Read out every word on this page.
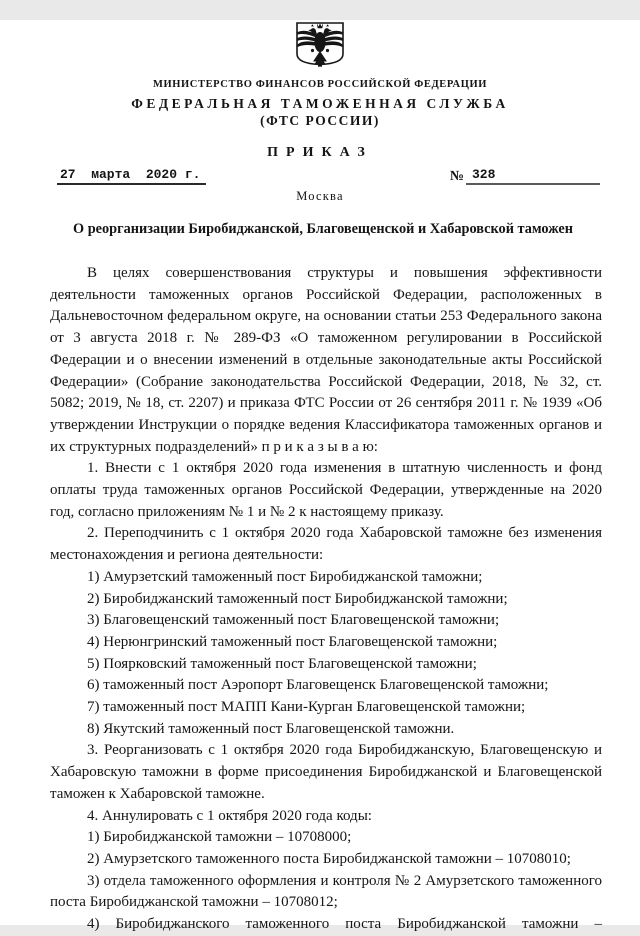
МИНИСТЕРСТВО ФИНАНСОВ РОССИЙСКОЙ ФЕДЕРАЦИИ
ФЕДЕРАЛЬНАЯ ТАМОЖЕННАЯ СЛУЖБА
(ФТС РОССИИ)
ПРИКАЗ
27  марта  2020 г.	№ 328
Москва
О реорганизации Биробиджанской, Благовещенской и Хабаровской таможен

В целях совершенствования структуры и повышения эффективности деятельности таможенных органов Российской Федерации, расположенных в Дальневосточном федеральном округе, на основании статьи 253 Федерального закона от 3 августа 2018 г. № 289-ФЗ «О таможенном регулировании в Российской Федерации и о внесении изменений в отдельные законодательные акты Российской Федерации» (Собрание законодательства Российской Федерации, 2018, № 32, ст. 5082; 2019, № 18, ст. 2207) и приказа ФТС России от 26 сентября 2011 г. № 1939 «Об утверждении Инструкции о порядке ведения Классификатора таможенных органов и их структурных подразделений» п р и к а з ы в а ю:

1. Внести с 1 октября 2020 года изменения в штатную численность и фонд оплаты труда таможенных органов Российской Федерации, утвержденные на 2020 год, согласно приложениям № 1 и № 2 к настоящему приказу.

2. Переподчинить с 1 октября 2020 года Хабаровской таможне без изменения местонахождения и региона деятельности:

1) Амурзетский таможенный пост Биробиджанской таможни;

2) Биробиджанский таможенный пост Биробиджанской таможни;

3) Благовещенский таможенный пост Благовещенской таможни;

4) Нерюнгринский таможенный пост Благовещенской таможни;

5) Поярковский таможенный пост Благовещенской таможни;

6) таможенный пост Аэропорт Благовещенск Благовещенской таможни;

7) таможенный пост МАПП Кани-Курган Благовещенской таможни;

8) Якутский таможенный пост Благовещенской таможни.

3. Реорганизовать с 1 октября 2020 года Биробиджанскую, Благовещенскую и Хабаровскую таможни в форме присоединения Биробиджанской и Благовещенской таможен к Хабаровской таможне.

4. Аннулировать с 1 октября 2020 года коды:

1) Биробиджанской таможни – 10708000;

2) Амурзетского таможенного поста Биробиджанской таможни – 10708010;

3) отдела таможенного оформления и контроля № 2 Амурзетского таможенного поста Биробиджанской таможни – 10708012;

4) Биробиджанского таможенного поста Биробиджанской таможни –
